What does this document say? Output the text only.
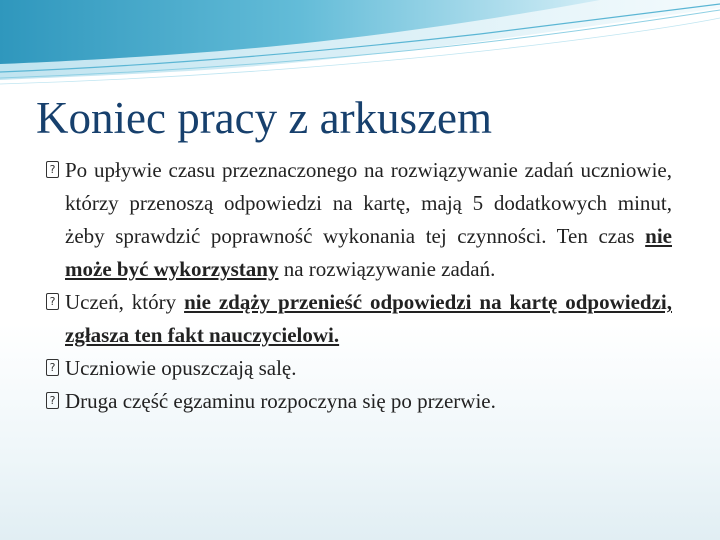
Koniec pracy z arkuszem
? Po upływie czasu przeznaczonego na rozwiązywanie zadań uczniowie, którzy przenoszą odpowiedzi na kartę, mają 5 dodatkowych minut, żeby sprawdzić poprawność wykonania tej czynności. Ten czas nie może być wykorzystany na rozwiązywanie zadań.
? Uczeń, który nie zdąży przenieść odpowiedzi na kartę odpowiedzi, zgłasza ten fakt nauczycielowi.
? Uczniowie opuszczają salę.
? Druga część egzaminu rozpoczyna się po przerwie.
